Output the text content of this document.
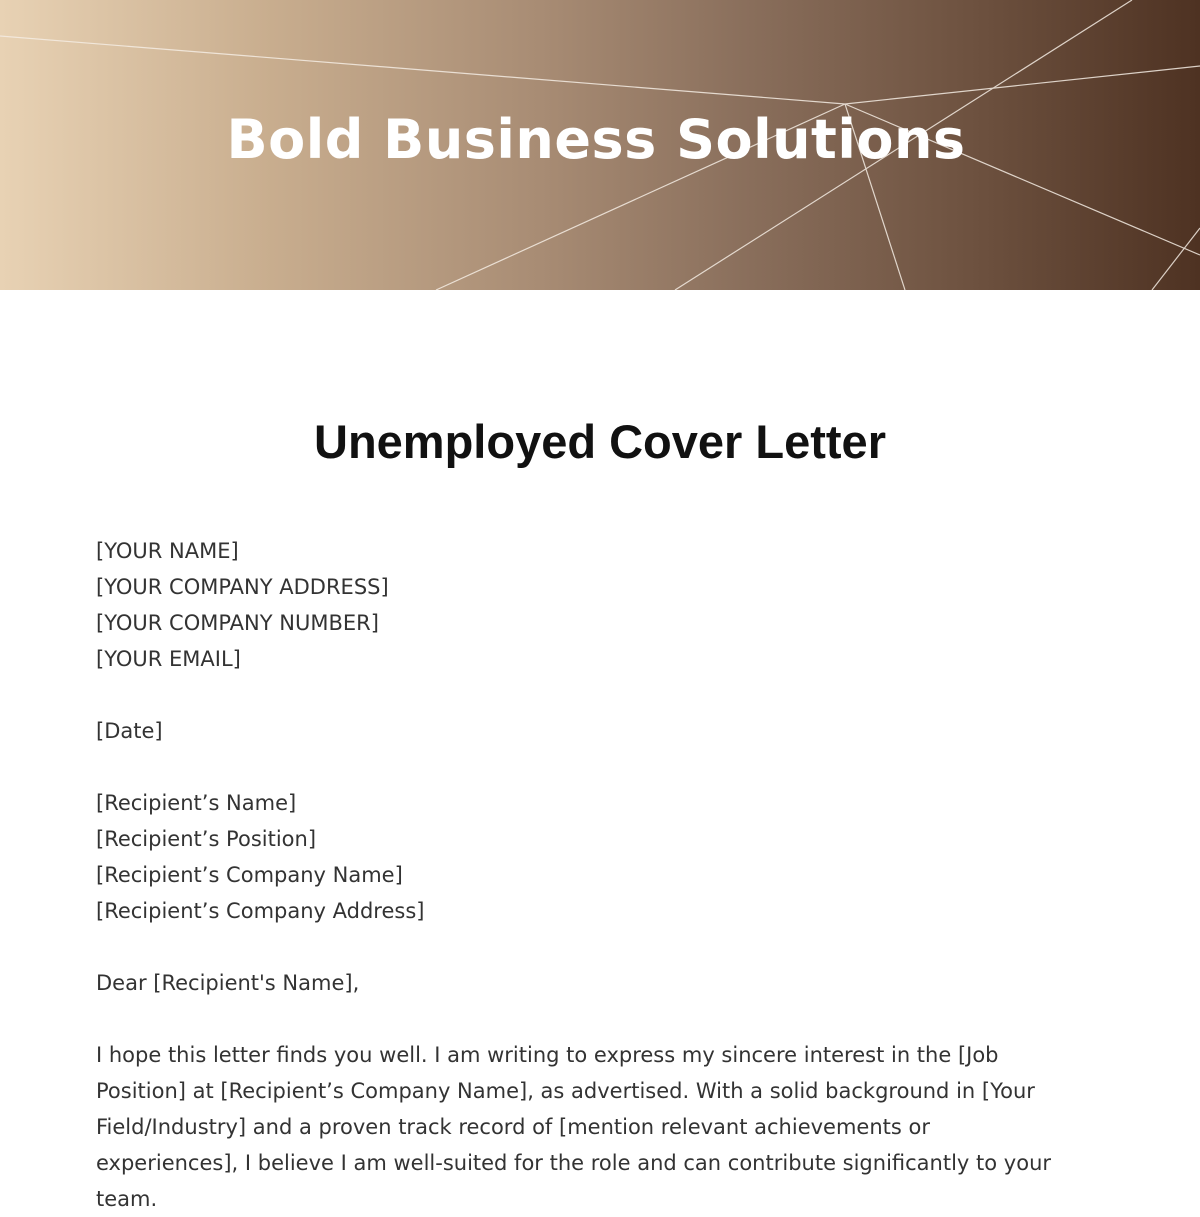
Bold Business Solutions
Unemployed Cover Letter
[YOUR NAME]
[YOUR COMPANY ADDRESS]
[YOUR COMPANY NUMBER]
[YOUR EMAIL]
[Date]
[Recipient’s Name]
[Recipient’s Position]
[Recipient’s Company Name]
[Recipient’s Company Address]
Dear [Recipient's Name],

I hope this letter finds you well. I am writing to express my sincere interest in the [Job Position] at [Recipient’s Company Name], as advertised. With a solid background in [Your Field/Industry] and a proven track record of [mention relevant achievements or experiences], I believe I am well-suited for the role and can contribute significantly to your team.
